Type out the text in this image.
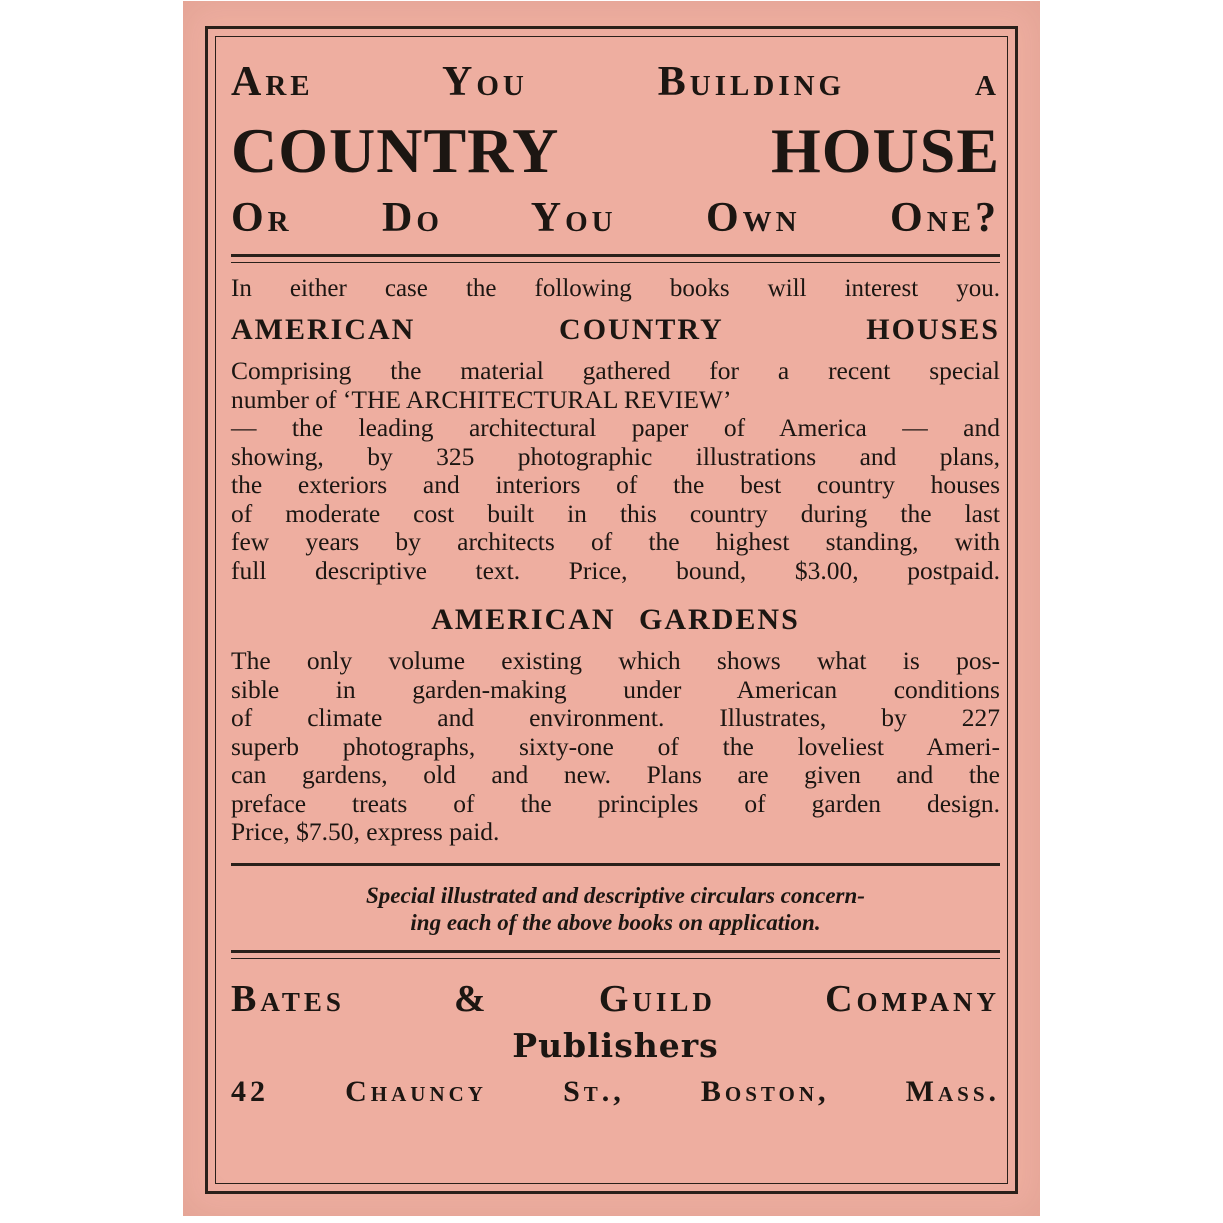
Are You Building a
COUNTRY HOUSE
Or Do You Own One?
In either case the following books will interest you.
AMERICAN COUNTRY HOUSES
Comprising the material gathered for a recent special
number of ‘THE ARCHITECTURAL REVIEW’
— the leading architectural paper of America — and
showing, by 325 photographic illustrations and plans,
the exteriors and interiors of the best country houses
of moderate cost built in this country during the last
few years by architects of the highest standing, with
full descriptive text. Price, bound, $3.00, postpaid.
AMERICAN GARDENS
The only volume existing which shows what is pos-
sible in garden-making under American conditions
of climate and environment. Illustrates, by 227
superb photographs, sixty-one of the loveliest Ameri-
can gardens, old and new. Plans are given and the
preface treats of the principles of garden design.
Price, $7.50, express paid.
Special illustrated and descriptive circulars concern-
ing each of the above books on application.
Bates & Guild Company
Publishers
42 Chauncy St., Boston, Mass.
